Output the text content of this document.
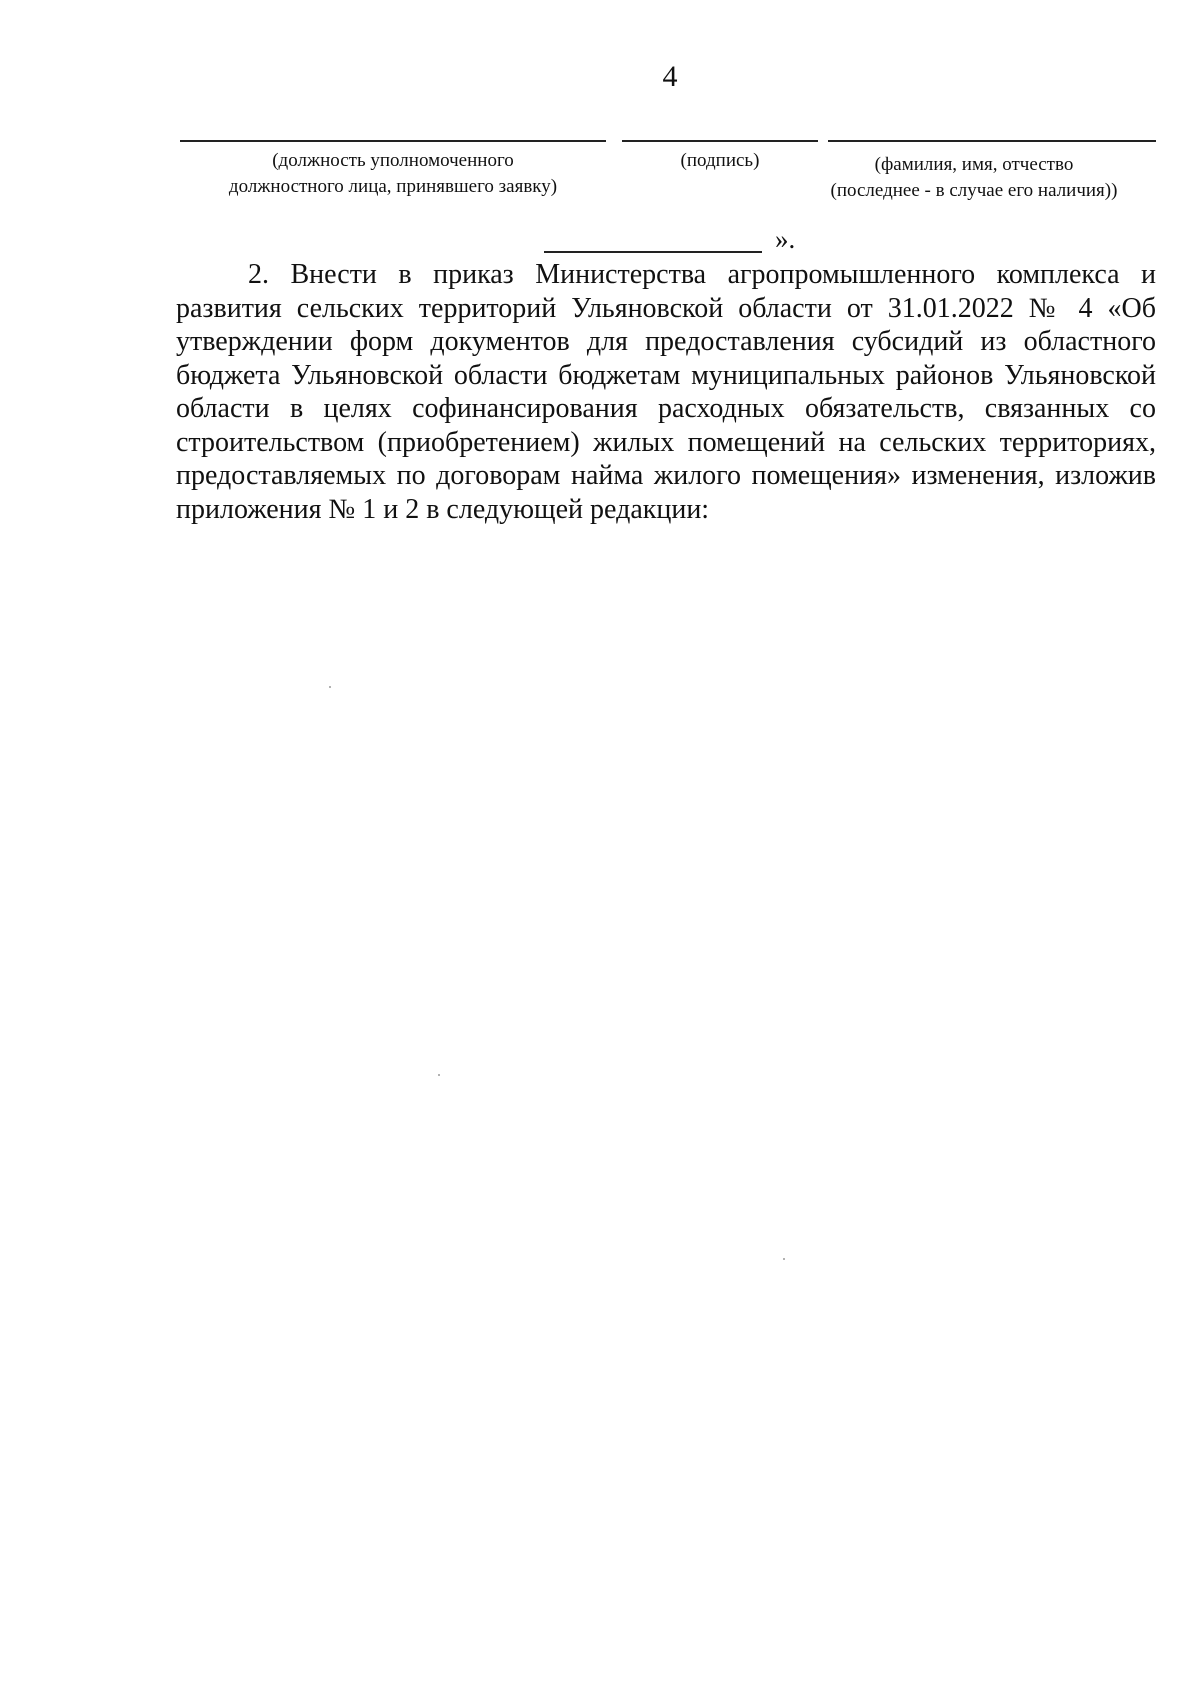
4
(должность уполномоченного
должностного лица, принявшего заявку)
(подпись)	(фамилия, имя, отчество
(последнее - в случае его наличия))
».

2. Внести в приказ Министерства агропромышленного комплекса и развития сельских территорий Ульяновской области от 31.01.2022 № 4 «Об утверждении форм документов для предоставления субсидий из областного бюджета Ульяновской области бюджетам муниципальных районов Ульяновской области в целях софинансирования расходных обязательств, связанных со строительством (приобретением) жилых помещений на сельских территориях, предоставляемых по договорам найма жилого помещения» изменения, изложив приложения № 1 и 2 в следующей редакции:
